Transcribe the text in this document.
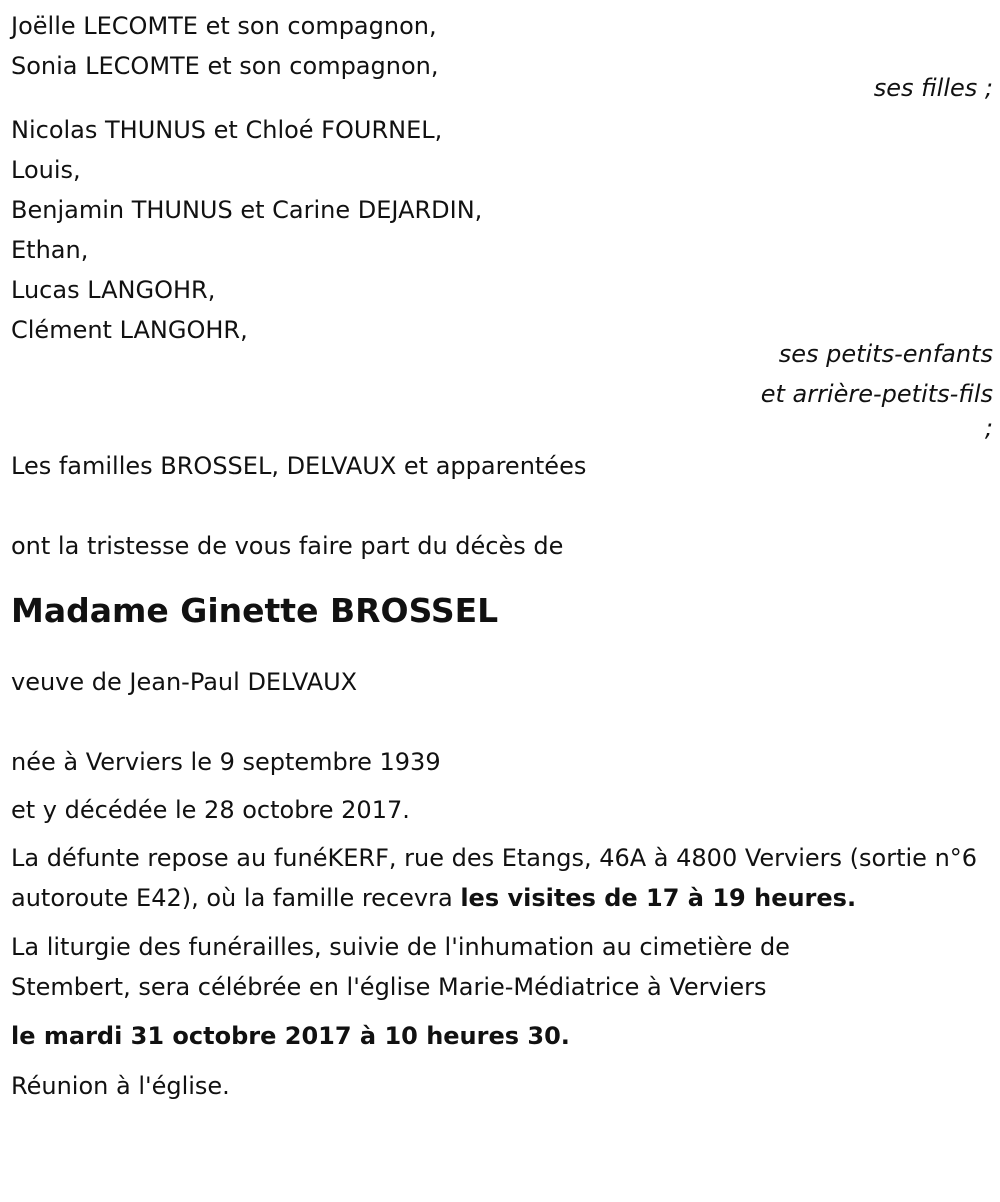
Joëlle LECOMTE et son compagnon,
Sonia LECOMTE et son compagnon,
ses filles ;
Nicolas THUNUS et Chloé FOURNEL,
Louis,
Benjamin THUNUS et Carine DEJARDIN,
Ethan,
Lucas LANGOHR,
Clément LANGOHR,
ses petits-enfants
et arrière-petits-fils
;
Les familles BROSSEL, DELVAUX et apparentées
ont la tristesse de vous faire part du décès de
Madame Ginette BROSSEL
veuve de Jean-Paul DELVAUX
née à Verviers le 9 septembre 1939
et y décédée le 28 octobre 2017.
La défunte repose au funéKERF, rue des Etangs, 46A à 4800 Verviers (sortie n°6 autoroute E42), où la famille recevra les visites de 17 à 19 heures.
La liturgie des funérailles, suivie de l'inhumation au cimetière de Stembert, sera célébrée en l'église Marie-Médiatrice à Verviers
le mardi 31 octobre 2017 à 10 heures 30.
Réunion à l'église.
